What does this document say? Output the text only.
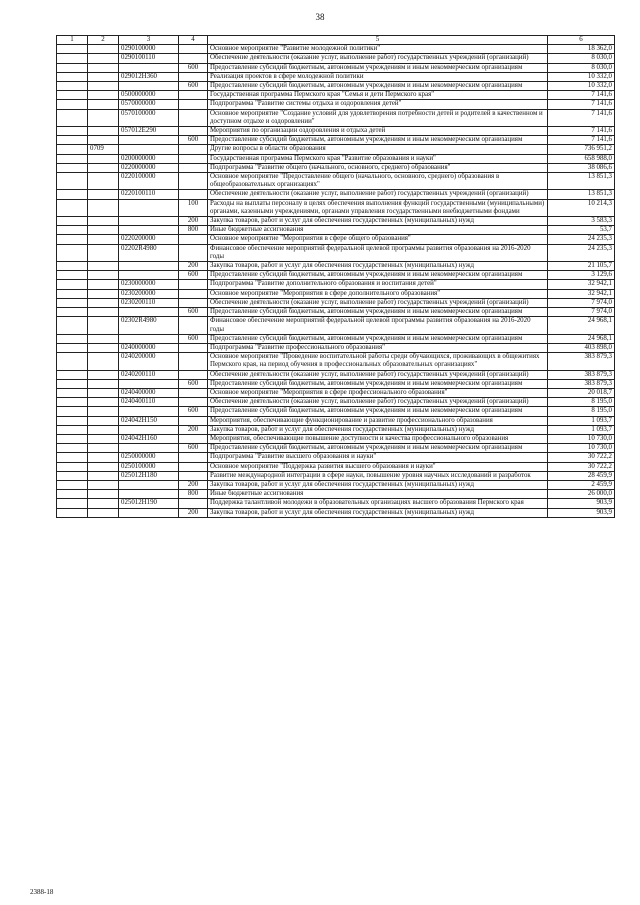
38
1	2	3	4	5	6
		0290100000		Основное мероприятие "Развитие молодежной политики"	18 362,0
		0290100110		Обеспечение деятельности (оказание услуг, выполнение работ) государственных учреждений (организаций)	8 030,0
			600	Предоставление субсидий бюджетным, автономным учреждениям и иным некоммерческим организациям	8 030,0
		029012Н360		Реализация проектов в сфере молодежной политики	10 332,0
			600	Предоставление субсидий бюджетным, автономным учреждениям и иным некоммерческим организациям	10 332,0
		0500000000		Государственная программа Пермского края "Семья и дети Пермского края"	7 141,6
		0570000000		Подпрограмма "Развитие системы отдыха и оздоровления детей"	7 141,6
		0570100000		Основное мероприятие "Создание условий для удовлетворения потребности детей и родителей в качественном и доступном отдыхе и оздоровлении"	7 141,6
		057012Е290		Мероприятия по организации оздоровления и отдыха детей	7 141,6
			600	Предоставление субсидий бюджетным, автономным учреждениям и иным некоммерческим организациям	7 141,6
	0709			Другие вопросы в области образования	736 951,2
		0200000000		Государственная программа Пермского края "Развитие образования и науки"	658 988,0
		0220000000		Подпрограмма "Развитие общего (начального, основного, среднего) образования"	38 086,6
		0220100000		Основное мероприятие "Предоставление общего (начального, основного, среднего) образования в общеобразовательных организациях"	13 851,3
		0220100110		Обеспечение деятельности (оказание услуг, выполнение работ) государственных учреждений (организаций)	13 851,3
			100	Расходы на выплаты персоналу в целях обеспечения выполнения функций государственными (муниципальными) органами, казенными учреждениями, органами управления государственными внебюджетными фондами	10 214,3
			200	Закупка товаров, работ и услуг для обеспечения государственных (муниципальных) нужд	3 583,3
			800	Иные бюджетные ассигнования	53,7
		0220200000		Основное мероприятие "Мероприятия в сфере общего образования"	24 235,3
		02202R4980		Финансовое обеспечение мероприятий федеральной целевой программы развития образования на 2016-2020 годы	24 235,3
			200	Закупка товаров, работ и услуг для обеспечения государственных (муниципальных) нужд	21 105,7
			600	Предоставление субсидий бюджетным, автономным учреждениям и иным некоммерческим организациям	3 129,6
		0230000000		Подпрограмма "Развитие дополнительного образования и воспитания детей"	32 942,1
		0230200000		Основное мероприятие "Мероприятия в сфере дополнительного образования"	32 942,1
		0230200110		Обеспечение деятельности (оказание услуг, выполнение работ) государственных учреждений (организаций)	7 974,0
			600	Предоставление субсидий бюджетным, автономным учреждениям и иным некоммерческим организациям	7 974,0
		02302R4980		Финансовое обеспечение мероприятий федеральной целевой программы развития образования на 2016-2020 годы	24 968,1
			600	Предоставление субсидий бюджетным, автономным учреждениям и иным некоммерческим организациям	24 968,1
		0240000000		Подпрограмма "Развитие профессионального образования"	403 898,0
		0240200000		Основное мероприятие "Проведение воспитательной работы среди обучающихся, проживающих в общежитиях Пермского края, на период обучения в профессиональных образовательных организациях"	383 879,3
		0240200110		Обеспечение деятельности (оказание услуг, выполнение работ) государственных учреждений (организаций)	383 879,3
			600	Предоставление субсидий бюджетным, автономным учреждениям и иным некоммерческим организациям	383 879,3
		0240400000		Основное мероприятие "Мероприятия в сфере профессионального образования"	20 018,7
		0240400110		Обеспечение деятельности (оказание услуг, выполнение работ) государственных учреждений (организаций)	8 195,0
			600	Предоставление субсидий бюджетным, автономным учреждениям и иным некоммерческим организациям	8 195,0
		024042Н150		Мероприятия, обеспечивающие функционирование и развитие профессионального образования	1 093,7
			200	Закупка товаров, работ и услуг для обеспечения государственных (муниципальных) нужд	1 093,7
		024042Н160		Мероприятия, обеспечивающие повышение доступности и качества профессионального образования	10 730,0
			600	Предоставление субсидий бюджетным, автономным учреждениям и иным некоммерческим организациям	10 730,0
		0250000000		Подпрограмма "Развитие высшего образования и науки"	30 722,2
		0250100000		Основное мероприятие "Поддержка развития высшего образования и науки"	30 722,2
		025012Н180		Развитие международной интеграции в сфере науки, повышение уровня научных исследований и разработок	28 459,9
			200	Закупка товаров, работ и услуг для обеспечения государственных (муниципальных) нужд	2 459,9
			800	Иные бюджетные ассигнования	26 000,0
		025012Н190		Поддержка талантливой молодежи в образовательных организациях высшего образования Пермского края	903,9
			200	Закупка товаров, работ и услуг для обеспечения государственных (муниципальных) нужд	903,9
2388-18
